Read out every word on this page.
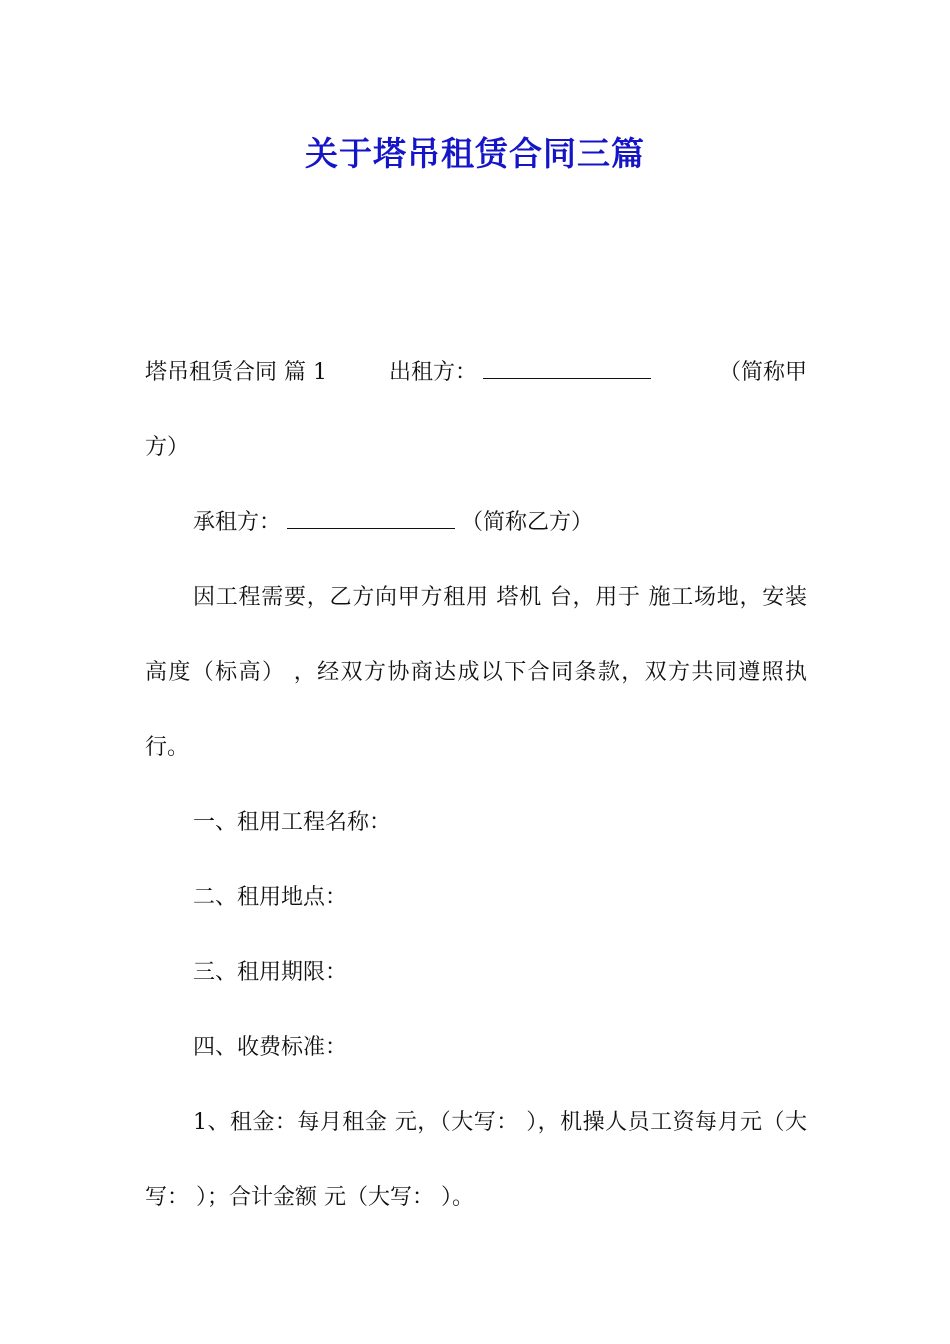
关于塔吊租赁合同三篇
塔吊租赁合同 篇 1	出租方：	（简称甲

方）

承租方：	（简称乙方）

因工程需要，乙方向甲方租用 塔机 台，用于 施工场地，安装高度（标高） ，经双方协商达成以下合同条款，双方共同遵照执行。

一、租用工程名称：

二、租用地点：

三、租用期限：

四、收费标准：

1、租金：每月租金 元，（大写： ），机操人员工资每月元（大写： ）；合计金额 元（大写： ）。
